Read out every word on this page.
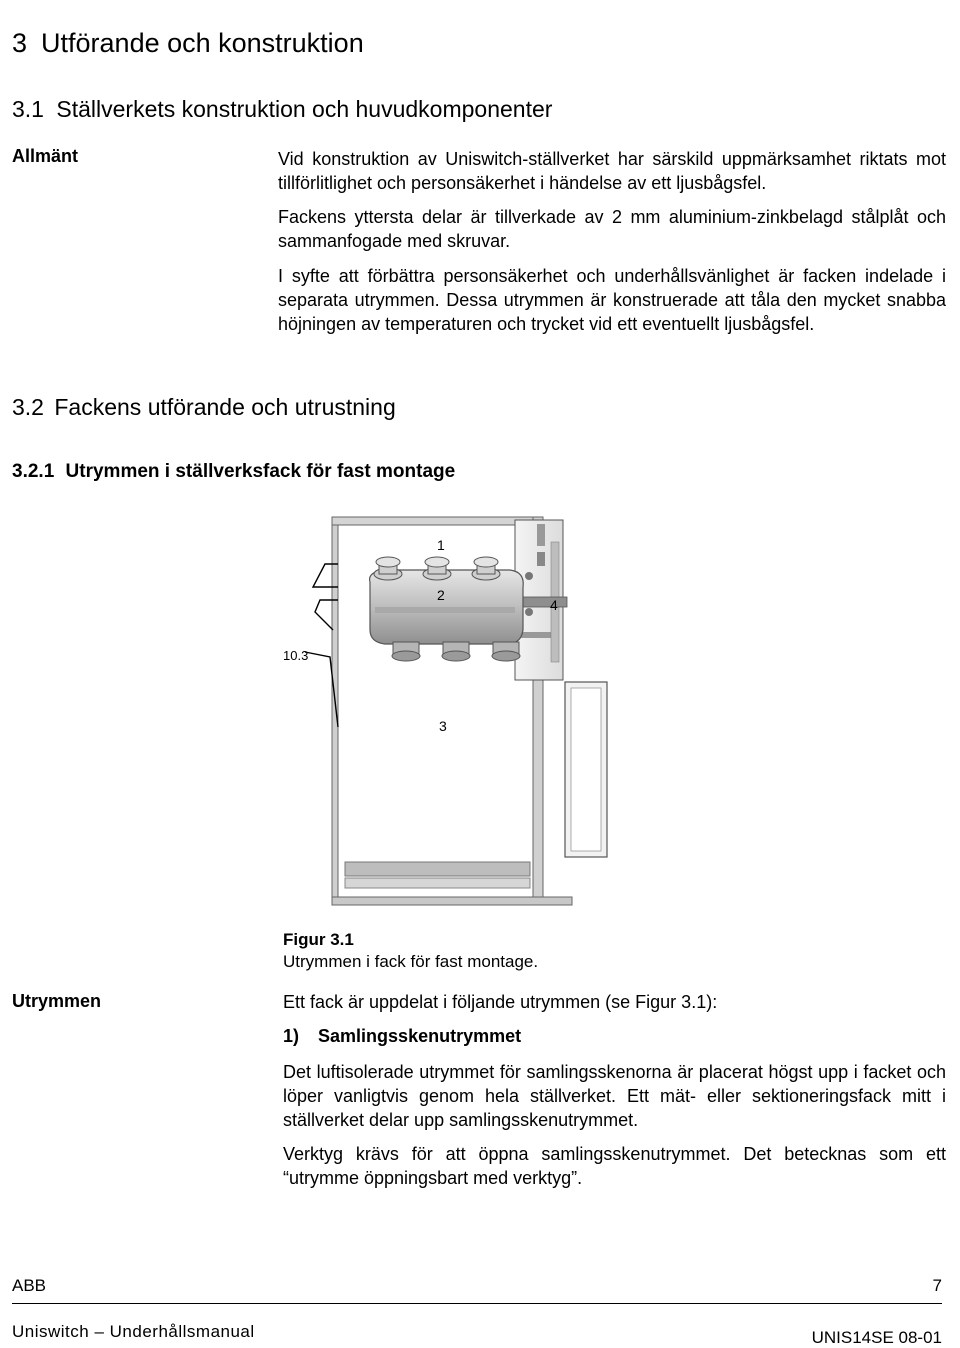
3 Utförande och konstruktion
3.1 Ställverkets konstruktion och huvudkomponenter
Allmänt	Vid konstruktion av Uniswitch-ställverket har särskild uppmärksamhet riktats mot tillförlitlighet och personsäkerhet i händelse av ett ljusbågsfel.

Fackens yttersta delar är tillverkade av 2 mm aluminium-zinkbelagd stålplåt och sammanfogade med skruvar.

I syfte att förbättra personsäkerhet och underhållsvänlighet är facken indelade i separata utrymmen. Dessa utrymmen är konstruerade att tåla den mycket snabba höjningen av temperaturen och trycket vid ett eventuellt ljusbågsfel.

3.2 Fackens utförande och utrustning
3.2.1 Utrymmen i ställverksfack för fast montage
1
2
3
4
10.3
Figur 3.1
Utrymmen i fack för fast montage.
Utrymmen	Ett fack är uppdelat i följande utrymmen (se Figur 3.1):

1) Samlingsskenutrymmet

Det luftisolerade utrymmet för samlingsskenorna är placerat högst upp i facket och löper vanligtvis genom hela ställverket. Ett mät- eller sektioneringsfack mitt i ställverket delar upp samlingsskenutrymmet.

Verktyg krävs för att öppna samlingsskenutrymmet. Det betecknas som ett “utrymme öppningsbart med verktyg”.

ABB	7
Uniswitch – Underhållsmanual	UNIS14SE 08-01
